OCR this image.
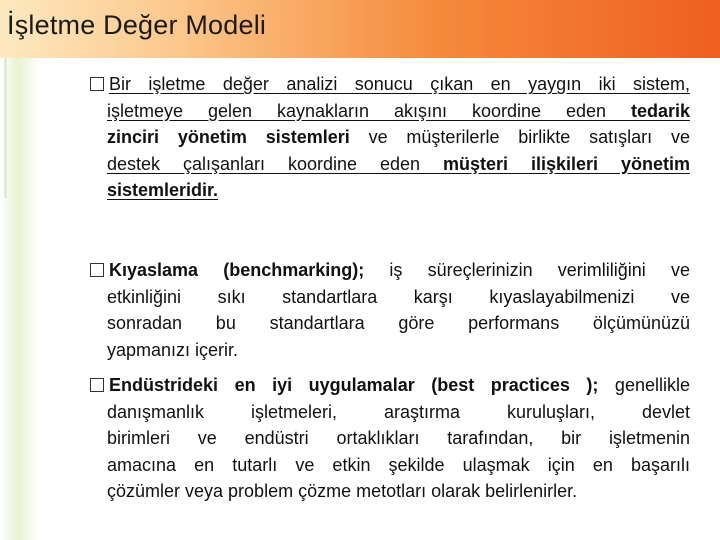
İşletme Değer Modeli
Bir işletme değer analizi sonucu çıkan en yaygın iki sistem,
işletmeye gelen kaynakların akışını koordine eden tedarik
zinciri yönetim sistemleri ve müşterilerle birlikte satışları ve
destek çalışanları koordine eden müşteri ilişkileri yönetim
sistemleridir.
Kıyaslama (benchmarking); iş süreçlerinizin verimliliğini ve
etkinliğini sıkı standartlara karşı kıyaslayabilmenizi ve
sonradan bu standartlara göre performans ölçümünüzü
yapmanızı içerir.
Endüstrideki en iyi uygulamalar (best practices ); genellikle
danışmanlık işletmeleri, araştırma kuruluşları, devlet
birimleri ve endüstri ortaklıkları tarafından, bir işletmenin
amacına en tutarlı ve etkin şekilde ulaşmak için en başarılı
çözümler veya problem çözme metotları olarak belirlenirler.
